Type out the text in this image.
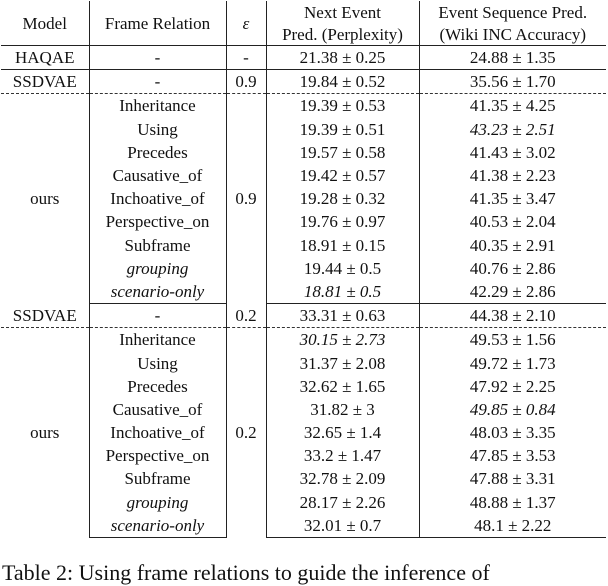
Model	Frame Relation	ε	Next Event	Event Sequence Pred.
			Pred. (Perplexity)	(Wiki INC Accuracy)
HAQAE	-	-	21.38 ± 0.25	24.88 ± 1.35
SSDVAE	-	0.9	19.84 ± 0.52	35.56 ± 1.70
ours	Inheritance	0.9	19.39 ± 0.53	41.35 ± 4.25
	Using		19.39 ± 0.51	43.23 ± 2.51
	Precedes		19.57 ± 0.58	41.43 ± 3.02
	Causative_of		19.42 ± 0.57	41.38 ± 2.23
	Inchoative_of		19.28 ± 0.32	41.35 ± 3.47
	Perspective_on		19.76 ± 0.97	40.53 ± 2.04
	Subframe		18.91 ± 0.15	40.35 ± 2.91
	grouping		19.44 ± 0.5	40.76 ± 2.86
	scenario-only		18.81 ± 0.5	42.29 ± 2.86
SSDVAE	-	0.2	33.31 ± 0.63	44.38 ± 2.10
ours	Inheritance	0.2	30.15 ± 2.73	49.53 ± 1.56
	Using		31.37 ± 2.08	49.72 ± 1.73
	Precedes		32.62 ± 1.65	47.92 ± 2.25
	Causative_of		31.82 ± 3	49.85 ± 0.84
	Inchoative_of		32.65 ± 1.4	48.03 ± 3.35
	Perspective_on		33.2 ± 1.47	47.85 ± 3.53
	Subframe		32.78 ± 2.09	47.88 ± 3.31
	grouping		28.17 ± 2.26	48.88 ± 1.37
	scenario-only		32.01 ± 0.7	48.1 ± 2.22
Table 2: Using frame relations to guide the inference of
